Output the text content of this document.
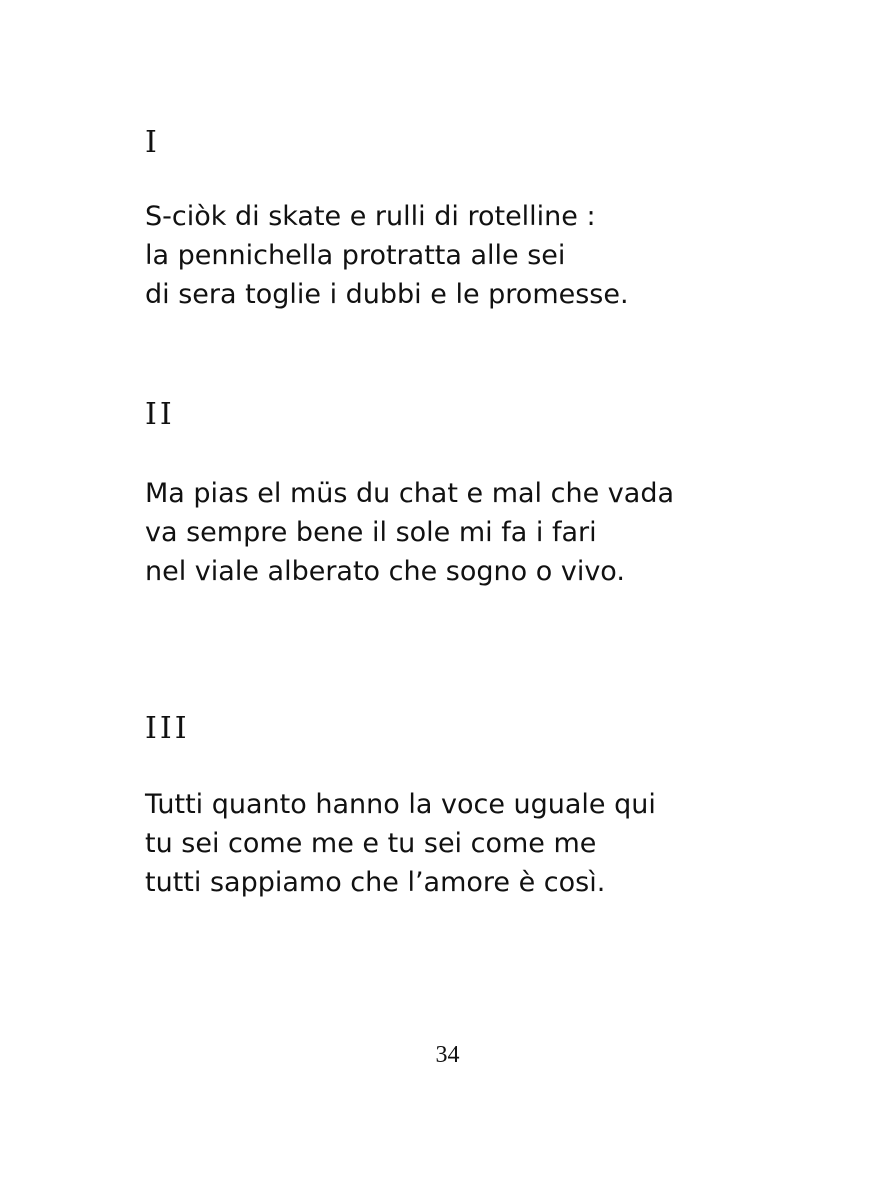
I
S-ciòk di skate e rulli di rotelline :
la pennichella protratta alle sei
di sera toglie i dubbi e le promesse.
II
Ma pias el müs du chat e mal che vada
va sempre bene il sole mi fa i fari
nel viale alberato che sogno o vivo.
III
Tutti quanto hanno la voce uguale qui
tu sei come me e tu sei come me
tutti sappiamo che l’amore è così.
34
